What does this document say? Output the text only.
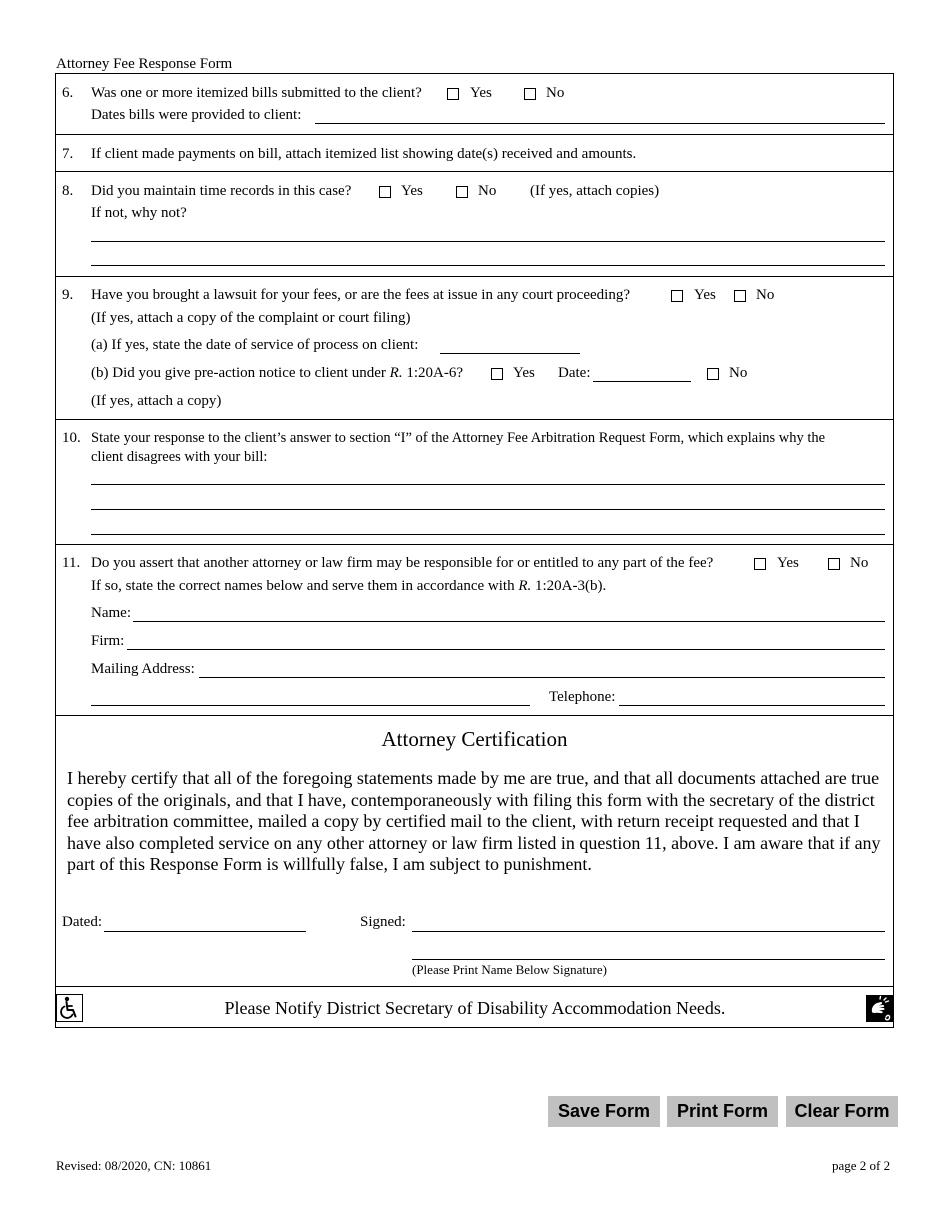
Attorney Fee Response Form
6. Was one or more itemized bills submitted to the client?	Yes	No
Dates bills were provided to client:
7. If client made payments on bill, attach itemized list showing date(s) received and amounts.
8. Did you maintain time records in this case?	Yes	No (If yes, attach copies)
If not, why not?
9. Have you brought a lawsuit for your fees, or are the fees at issue in any court proceeding?	Yes	No
(If yes, attach a copy of the complaint or court filing)
(a) If yes, state the date of service of process on client:
(b) Did you give pre-action notice to client under R. 1:20A-6?	Yes Date:	No
(If yes, attach a copy)
10. State your response to the client’s answer to section “I” of the Attorney Fee Arbitration Request Form, which explains why the
client disagrees with your bill:
11. Do you assert that another attorney or law firm may be responsible for or entitled to any part of the fee?	Yes	No
If so, state the correct names below and serve them in accordance with R. 1:20A-3(b).
Name:
Firm:
Mailing Address:
Telephone:
Attorney Certification
I hereby certify that all of the foregoing statements made by me are true, and that all documents attached are true copies of the originals, and that I have, contemporaneously with filing this form with the secretary of the district fee arbitration committee, mailed a copy by certified mail to the client, with return receipt requested and that I have also completed service on any other attorney or law firm listed in question 11, above. I am aware that if any part of this Response Form is willfully false, I am subject to punishment.
Dated:	Signed:
(Please Print Name Below Signature)
Please Notify District Secretary of Disability Accommodation Needs.
Save Form	Print Form	Clear Form
Revised: 08/2020, CN: 10861	page 2 of 2
